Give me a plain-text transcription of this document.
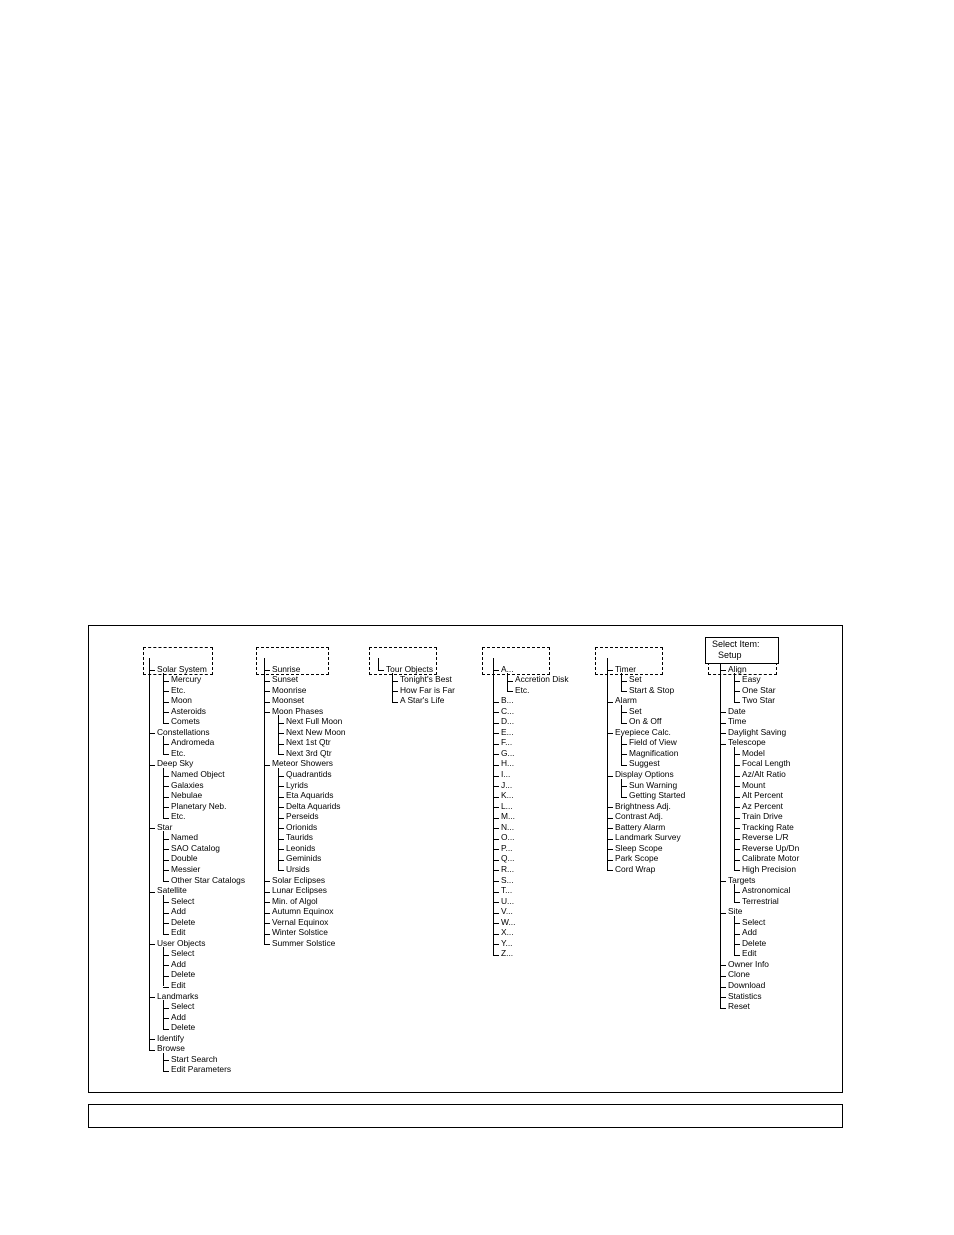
Solar System
Mercury
Etc.
Moon
Asteroids
Comets
Constellations
Andromeda
Etc.
Deep Sky
Named Object
Galaxies
Nebulae
Planetary Neb.
Etc.
Star
Named
SAO Catalog
Double
Messier
Other Star Catalogs
Satellite
Select
Add
Delete
Edit
User Objects
Select
Add
Delete
Edit
Landmarks
Select
Add
Delete
Identify
Browse
Start Search
Edit Parameters
Sunrise
Sunset
Moonrise
Moonset
Moon Phases
Next Full Moon
Next New Moon
Next 1st Qtr
Next 3rd Qtr
Meteor Showers
Quadrantids
Lyrids
Eta Aquarids
Delta Aquarids
Perseids
Orionids
Taurids
Leonids
Geminids
Ursids
Solar Eclipses
Lunar Eclipses
Min. of Algol
Autumn Equinox
Vernal Equinox
Winter Solstice
Summer Solstice
Tour Objects
Tonight's Best
How Far is Far
A Star's Life
A...
Accretion Disk
Etc.
B...
C...
D...
E...
F...
G...
H...
I...
J...
K...
L...
M...
N...
O...
P...
Q...
R...
S...
T...
U...
V...
W...
X...
Y...
Z...
Timer
Set
Start & Stop
Alarm
Set
On & Off
Eyepiece Calc.
Field of View
Magnification
Suggest
Display Options
Sun Warning
Getting Started
Brightness Adj.
Contrast Adj.
Battery Alarm
Landmark Survey
Sleep Scope
Park Scope
Cord Wrap
Align
Easy
One Star
Two Star
Date
Time
Daylight Saving
Telescope
Model
Focal Length
Az/Alt Ratio
Mount
Alt Percent
Az Percent
Train Drive
Tracking Rate
Reverse L/R
Reverse Up/Dn
Calibrate Motor
High Precision
Targets
Astronomical
Terrestrial
Site
Select
Add
Delete
Edit
Owner Info
Clone
Download
Statistics
Reset
Select Item:
Setup
